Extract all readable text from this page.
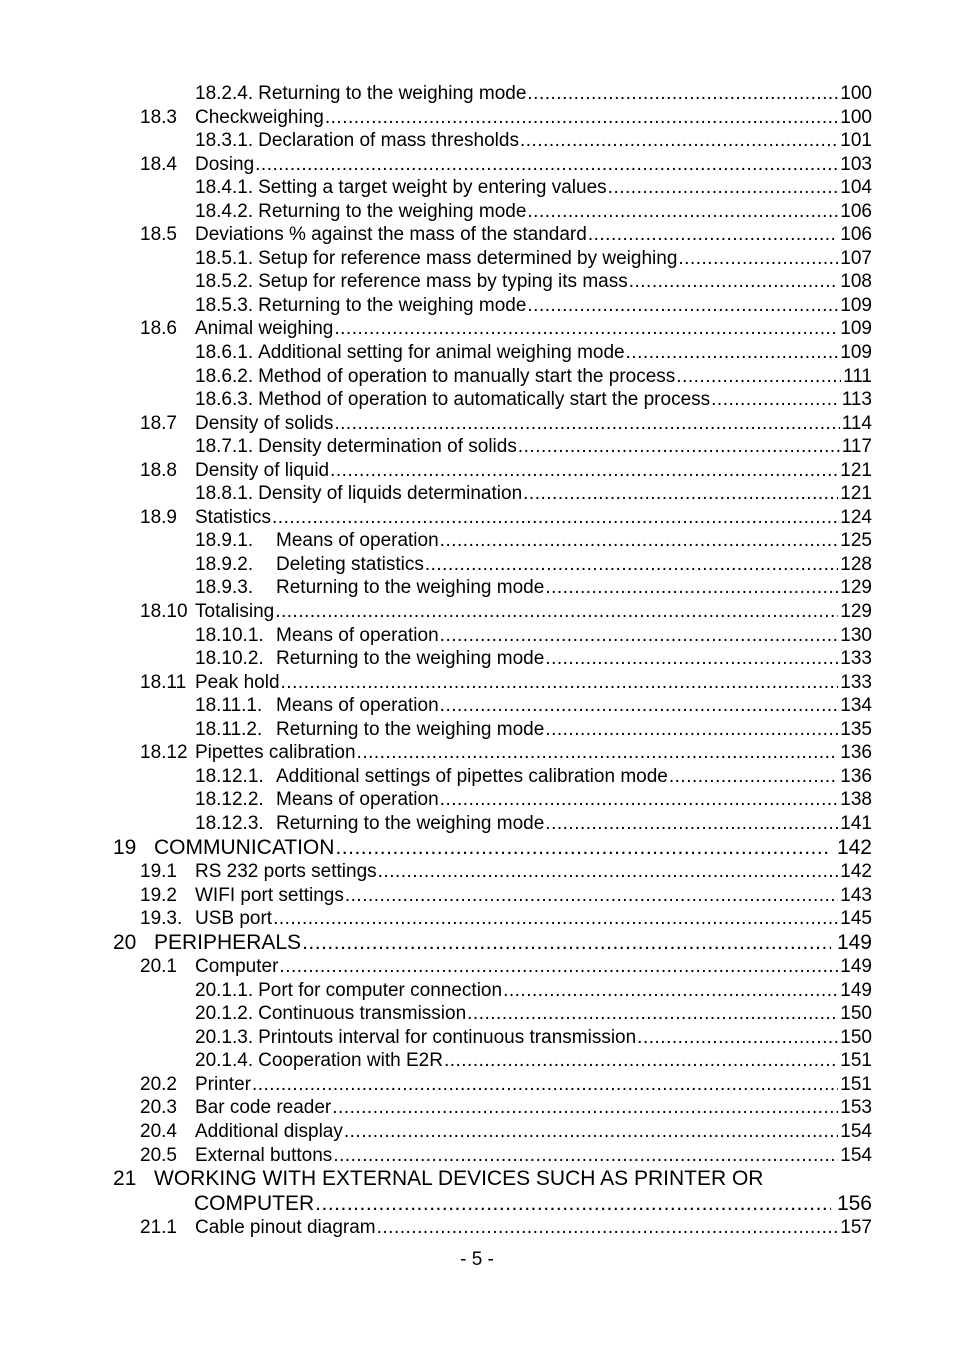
18.2.4. Returning to the weighing mode .....	100
18.3 Checkweighing .....	100
18.3.1. Declaration of mass thresholds .....	101
18.4 Dosing .....	103
18.4.1. Setting a target weight by entering values .....	104
18.4.2. Returning to the weighing mode .....	106
18.5 Deviations % against the mass of the standard .....	106
18.5.1. Setup for reference mass determined by weighing .....	107
18.5.2. Setup for reference mass by typing its mass .....	108
18.5.3. Returning to the weighing mode .....	109
18.6 Animal weighing .....	109
18.6.1. Additional setting for animal weighing mode .....	109
18.6.2. Method of operation to manually start the process .....	111
18.6.3. Method of operation to automatically start the process .....	113
18.7 Density of solids .....	114
18.7.1. Density determination of solids .....	117
18.8 Density of liquid .....	121
18.8.1. Density of liquids determination .....	121
18.9 Statistics .....	124
18.9.1.	Means of operation .....	125
18.9.2.	Deleting statistics .....	128
18.9.3.	Returning to the weighing mode .....	129
18.10 Totalising .....	129
18.10.1. Means of operation .....	130
18.10.2. Returning to the weighing mode .....	133
18.11 Peak hold .....	133
18.11.1. Means of operation .....	134
18.11.2. Returning to the weighing mode .....	135
18.12 Pipettes calibration .....	136
18.12.1. Additional settings of pipettes calibration mode .....	136
18.12.2. Means of operation .....	138
18.12.3. Returning to the weighing mode .....	141
19 COMMUNICATION .....	142
19.1 RS 232 ports settings .....	142
19.2 WIFI port settings .....	143
19.3. USB port .....	145
20 PERIPHERALS .....	149
20.1 Computer .....	149
20.1.1. Port for computer connection .....	149
20.1.2. Continuous transmission .....	150
20.1.3. Printouts interval for continuous transmission .....	150
20.1.4. Cooperation with E2R .....	151
20.2 Printer .....	151
20.3 Bar code reader .....	153
20.4 Additional display .....	154
20.5 External buttons .....	154
21 WORKING WITH EXTERNAL DEVICES SUCH AS PRINTER OR
COMPUTER .....	156
21.1 Cable pinout diagram .....	157
- 5 -
